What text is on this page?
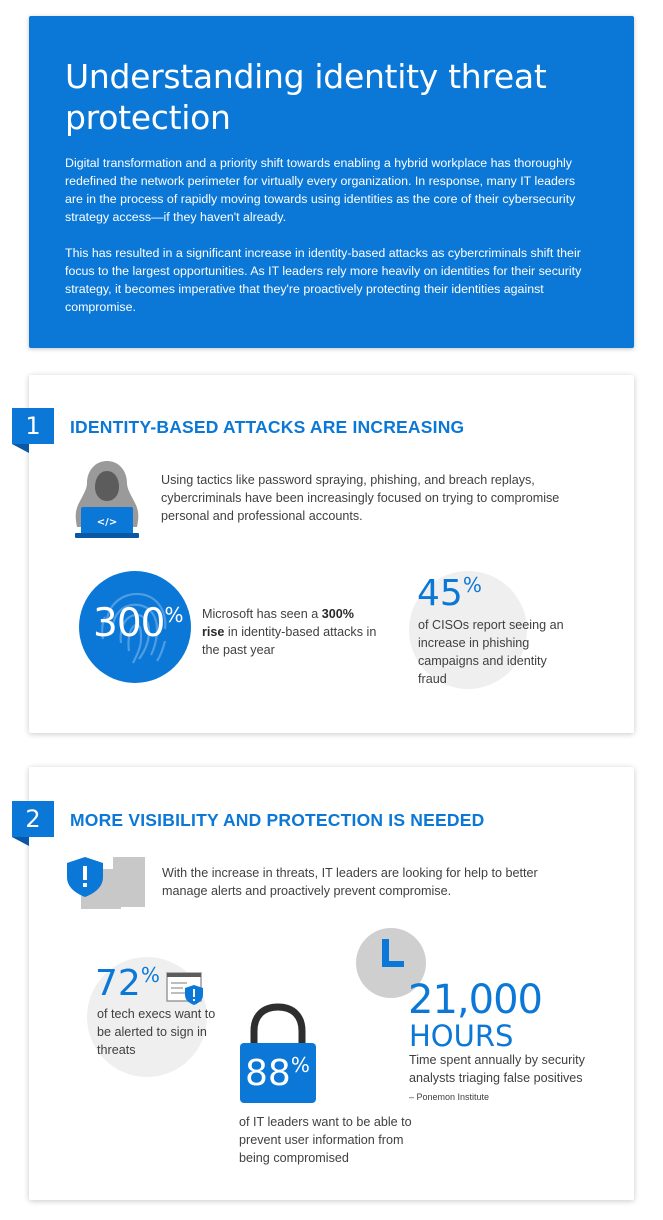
Understanding identity threat protection

Digital transformation and a priority shift towards enabling a hybrid workplace has thoroughly redefined the network perimeter for virtually every organization. In response, many IT leaders are in the process of rapidly moving towards using identities as the core of their cybersecurity strategy access—if they haven't already.

This has resulted in a significant increase in identity-based attacks as cybercriminals shift their focus to the largest opportunities. As IT leaders rely more heavily on identities for their security strategy, it becomes imperative that they're proactively protecting their identities against compromise.

1	IDENTITY-BASED ATTACKS ARE INCREASING
</>
Using tactics like password spraying, phishing, and breach replays, cybercriminals have been increasingly focused on trying to compromise personal and professional accounts.
300%	Microsoft has seen a 300% rise in identity-based attacks in the past year
45%
of CISOs report seeing an increase in phishing campaigns and identity fraud
2	MORE VISIBILITY AND PROTECTION IS NEEDED
With the increase in threats, IT leaders are looking for help to better manage alerts and proactively prevent compromise.
72%
of tech execs want to be alerted to sign in threats
88%
of IT leaders want to be able to prevent user information from being compromised
21,000
HOURS
Time spent annually by security analysts triaging false positives
– Ponemon Institute
